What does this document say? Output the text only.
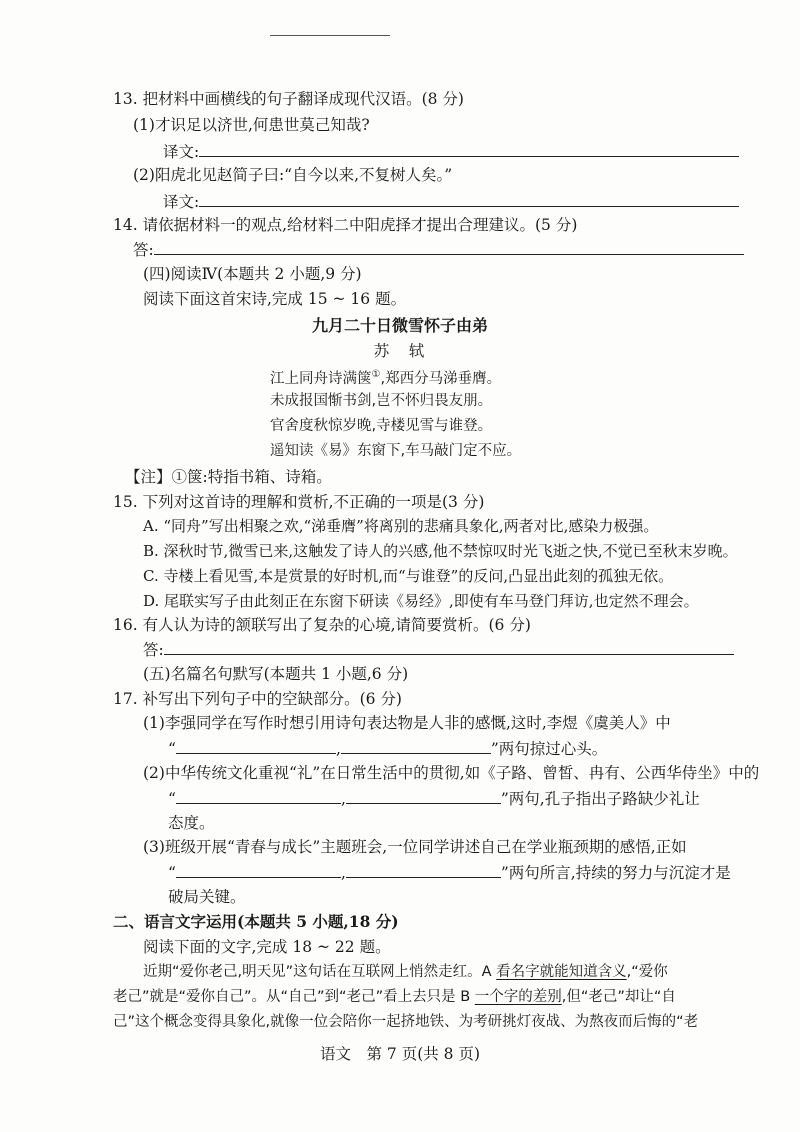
13. 把材料中画横线的句子翻译成现代汉语。(8 分)
(1)才识足以济世,何患世莫己知哉?
译文:
(2)阳虎北见赵简子曰:“自今以来,不复树人矣。”
译文:
14. 请依据材料一的观点,给材料二中阳虎择才提出合理建议。(5 分)
答:
(四)阅读Ⅳ(本题共 2 小题,9 分)
阅读下面这首宋诗,完成 15 ~ 16 题。
九月二十日微雪怀子由弟
苏　轼
江上同舟诗满箧①,郑西分马涕垂膺。
未成报国惭书剑,岂不怀归畏友朋。
官舍度秋惊岁晚,寺楼见雪与谁登。
遥知读《易》东窗下,车马敲门定不应。
【注】①箧:特指书箱、诗箱。
15. 下列对这首诗的理解和赏析,不正确的一项是(3 分)
A. “同舟”写出相聚之欢,“涕垂膺”将离别的悲痛具象化,两者对比,感染力极强。
B. 深秋时节,微雪已来,这触发了诗人的兴感,他不禁惊叹时光飞逝之快,不觉已至秋末岁晚。
C. 寺楼上看见雪,本是赏景的好时机,而“与谁登”的反问,凸显出此刻的孤独无依。
D. 尾联实写子由此刻正在东窗下研读《易经》,即使有车马登门拜访,也定然不理会。
16. 有人认为诗的颔联写出了复杂的心境,请简要赏析。(6 分)
答:
(五)名篇名句默写(本题共 1 小题,6 分)
17. 补写出下列句子中的空缺部分。(6 分)
(1)李强同学在写作时想引用诗句表达物是人非的感慨,这时,李煜《虞美人》中
“	,	”两句掠过心头。
(2)中华传统文化重视“礼”在日常生活中的贯彻,如《子路、曾皙、冉有、公西华侍坐》中的
“	,	”两句,孔子指出子路缺少礼让
态度。
(3)班级开展“青春与成长”主题班会,一位同学讲述自己在学业瓶颈期的感悟,正如
“	,	”两句所言,持续的努力与沉淀才是
破局关键。
二、语言文字运用(本题共 5 小题,18 分)
阅读下面的文字,完成 18 ~ 22 题。
近期“爱你老己,明天见”这句话在互联网上悄然走红。A 看名字就能知道含义,“爱你
老己”就是“爱你自己”。从“自己”到“老己”看上去只是 B 一个字的差别,但“老己”却让“自
己”这个概念变得具象化,就像一位会陪你一起挤地铁、为考研挑灯夜战、为熬夜而后悔的“老
语文　第 7 页(共 8 页)
